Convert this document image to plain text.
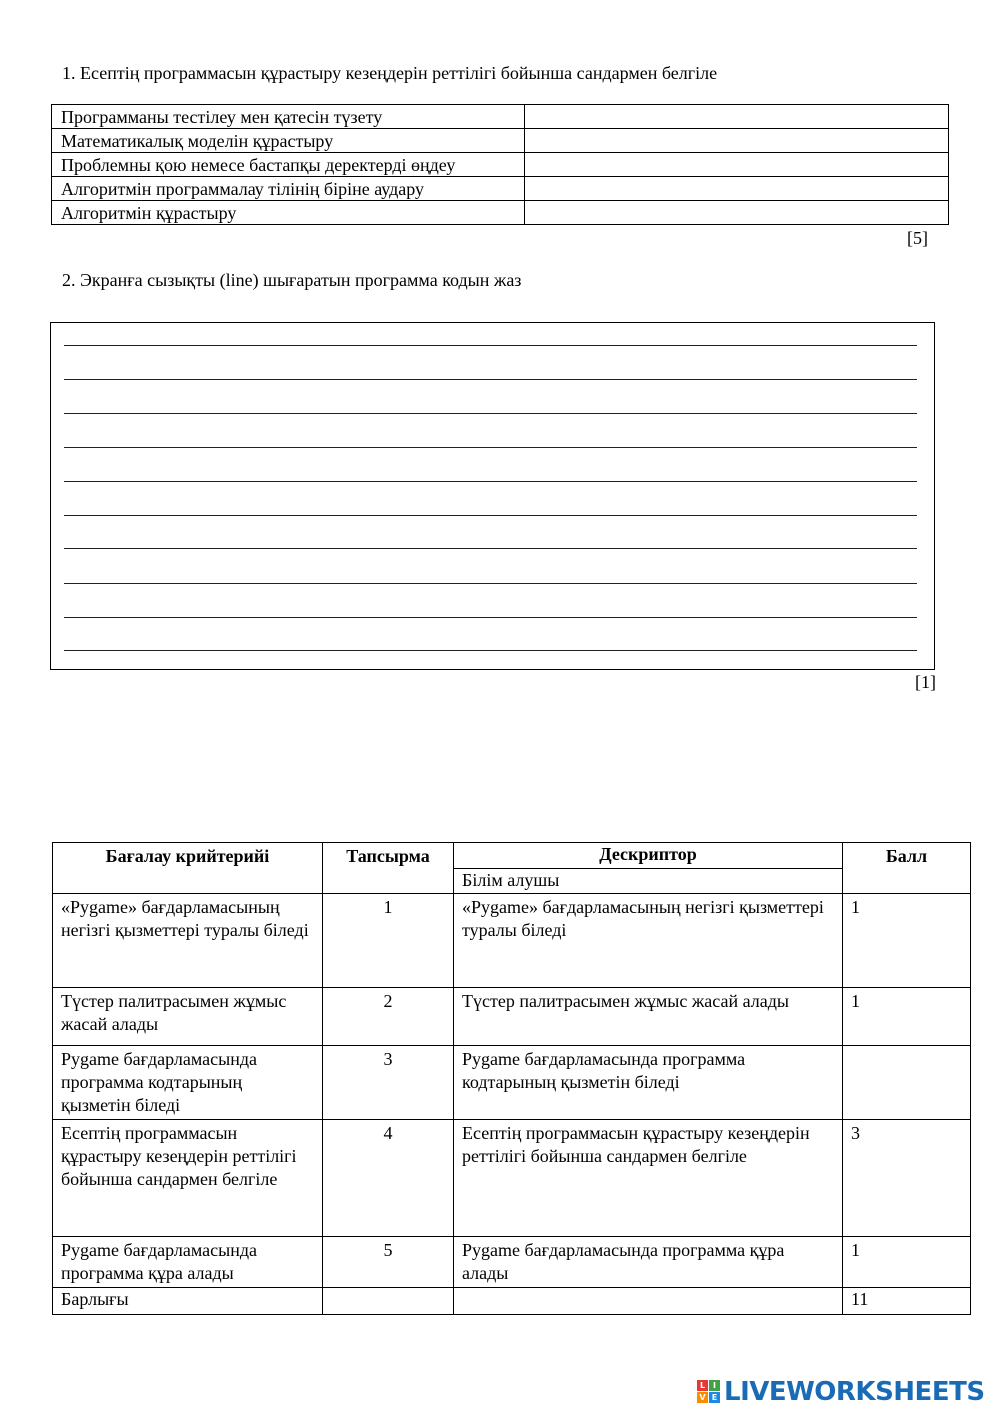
1. Есептің программасын құрастыру кезеңдерін реттілігі бойынша сандармен белгіле
Программаны тестілеу мен қатесін түзету	
Математикалық моделін құрастыру	
Проблемны қою немесе бастапқы деректерді өңдеу	
Алгоритмін программалау тілінің біріне аудару	
Алгоритмін құрастыру	
[5]
2. Экранға сызықты (line) шығаратын программа кодын жаз
[1]
Бағалау крийтерийі	Тапсырма	Дескриптор	Балл
		Білім алушы	
«Pygame» бағдарламасының негізгі қызметтері туралы біледі	1	«Pygame» бағдарламасының негізгі қызметтері туралы біледі	1
Түстер палитрасымен жұмыс жасай алады	2	Түстер палитрасымен жұмыс жасай алады	1
Pygame бағдарламасында программа кодтарының қызметін біледі	3	Pygame бағдарламасында программа кодтарының қызметін біледі	
Есептің программасын құрастыру кезеңдерін реттілігі бойынша сандармен белгіле	4	Есептің программасын құрастыру кезеңдерін реттілігі бойынша сандармен белгіле	3
Pygame бағдарламасында программа құра алады	5	Pygame бағдарламасында программа құра алады	1
Барлығы			11
L I
V E LIVEWORKSHEETS
